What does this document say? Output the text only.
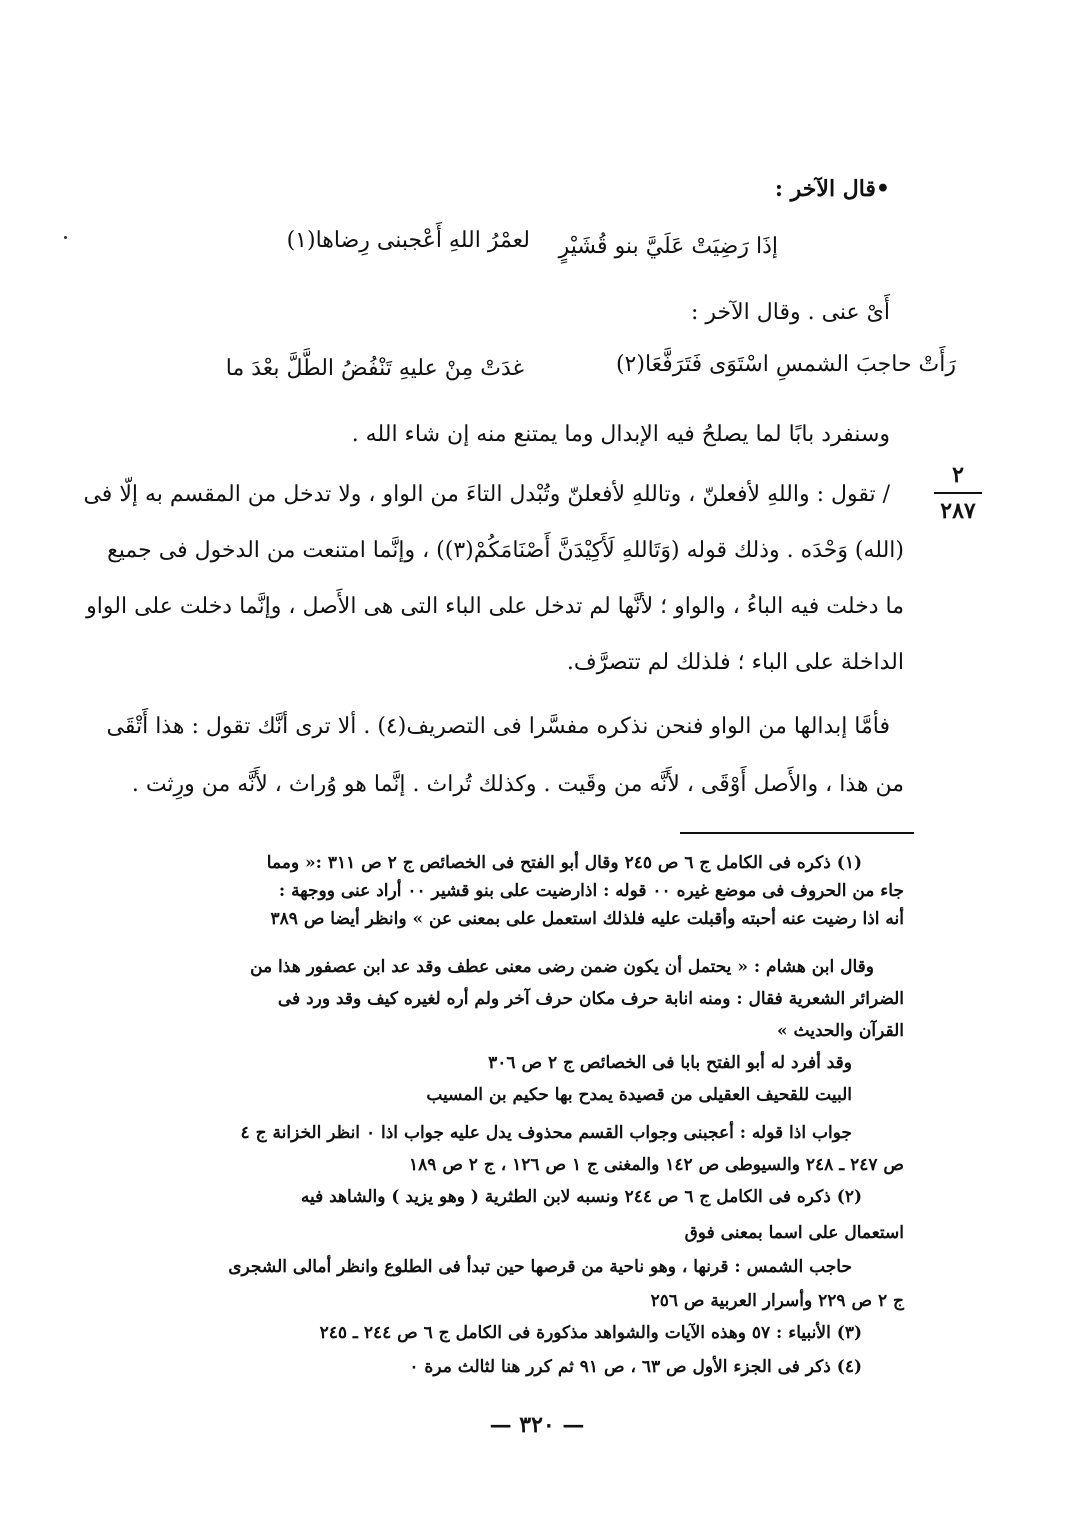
•قال الآخر :
إذَا رَضِيَتْ عَلَيَّ بنو قُشَيْرٍ
لعمْرُ اللهِ أَعْجبنى رِضاها(١)
أَىْ عنى . وقال الآخر :
غدَتْ مِنْ عليهِ تَنْفُضُ الطَّلَّ بعْدَ ما	رَأَتْ حاجبَ الشمسِ اسْتَوَى فَتَرَفَّعَا(٢)
وسنفرد بابًا لما يصلحُ فيه الإبدال وما يمتنع منه إن شاء الله .
٢
٢٨٧
/ تقول : واللهِ لأفعلنّ ، وتاللهِ لأفعلنّ وتُبْدل التاءَ من الواو ، ولا تدخل من المقسم به إلّا فى
(الله) وَحْدَه . وذلك قوله (وَتَاللهِ لَأَكِيْدَنَّ أَصْنَامَكُمْ(٣)) ، وإنَّما امتنعت من الدخول فى جميع
ما دخلت فيه الباءُ ، والواو ؛ لأنَّها لم تدخل على الباء التى هى الأَصل ، وإنَّما دخلت على الواو
الداخلة على الباء ؛ فلذلك لم تتصرَّف.
فأمَّا إبدالها من الواو فنحن نذكره مفسَّرا فى التصريف(٤) . ألا ترى أنَّك تقول : هذا أَتْقَى
من هذا ، والأَصل أَوْقَى ، لأَنَّه من وقَيت . وكذلك تُراث . إنَّما هو وُراث ، لأَنَّه من ورِثت .
(١) ذكره فى الكامل ج ٦ ص ٢٤٥ وقال أبو الفتح فى الخصائص ج ٢ ص ٣١١ :« ومما
جاء من الحروف فى موضع غيره ٠٠ قوله : اذارضيت على بنو قشير ٠٠ أراد عنى ووجهة :
أنه اذا رضيت عنه أحبته وأقبلت عليه فلذلك استعمل على بمعنى عن » وانظر أيضا ص ٣٨٩
وقال ابن هشام : « يحتمل أن يكون ضمن رضى معنى عطف وقد عد ابن عصفور هذا من
الضرائر الشعرية فقال : ومنه انابة حرف مكان حرف آخر ولم أره لغيره كيف وقد ورد فى
القرآن والحديث »
وقد أفرد له أبو الفتح بابا فى الخصائص ج ٢ ص ٣٠٦
البيت للقحيف العقيلى من قصيدة يمدح بها حكيم بن المسيب
جواب اذا قوله : أعجبنى وجواب القسم محذوف يدل عليه جواب اذا ٠ انظر الخزانة ج ٤
ص ٢٤٧ ـ ٢٤٨ والسيوطى ص ١٤٢ والمغنى ج ١ ص ١٢٦ ، ج ٢ ص ١٨٩
(٢) ذكره فى الكامل ج ٦ ص ٢٤٤ ونسبه لابن الطثرية ( وهو يزيد ) والشاهد فيه
استعمال على اسما بمعنى فوق
حاجب الشمس : قرنها ، وهو ناحية من قرصها حين تبدأ فى الطلوع وانظر أمالى الشجرى
ج ٢ ص ٢٢٩ وأسرار العربية ص ٢٥٦
(٣) الأنبياء : ٥٧ وهذه الآيات والشواهد مذكورة فى الكامل ج ٦ ص ٢٤٤ ـ ٢٤٥
(٤) ذكر فى الجزء الأول ص ٦٣ ، ص ٩١ ثم كرر هنا لثالث مرة ٠
— ٣٢٠ —
